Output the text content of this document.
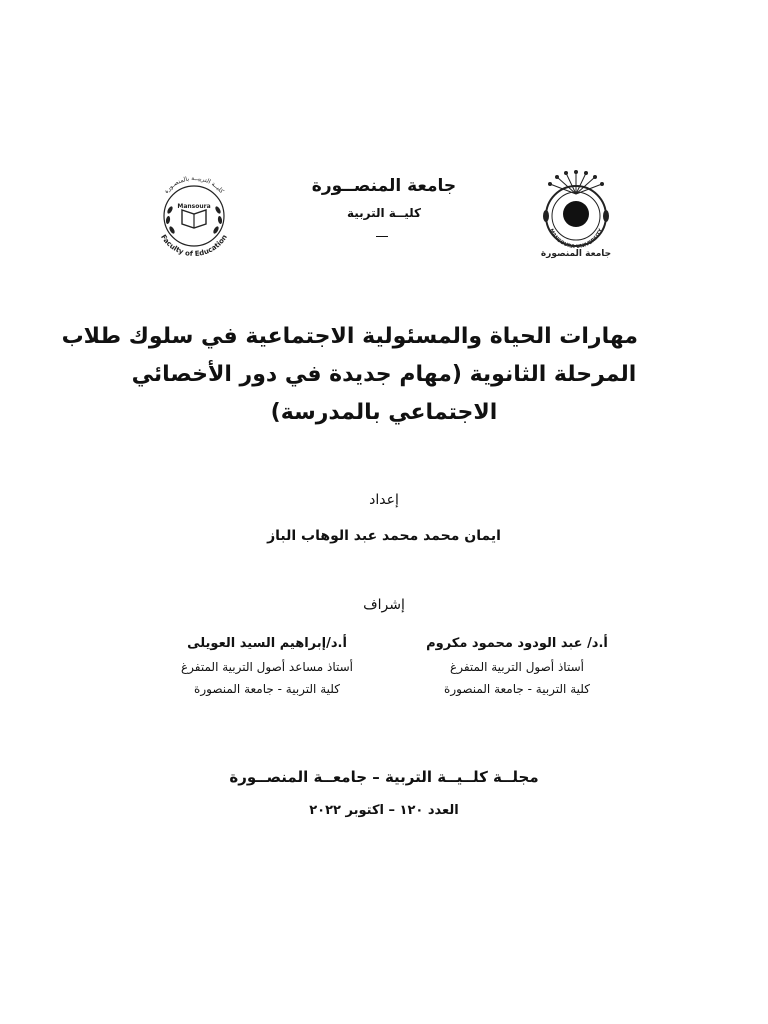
Mansoura
كليــة التربيــة بالمنصـورة
Faculty of Education
MANSOURA UNIVERSITY
جامعة المنصورة
جامعة المنصــورة
كليــة التربية
مهارات الحياة والمسئولية الاجتماعية في سلوك طلاب
المرحلة الثانوية (مهام جديدة في دور الأخصائي
الاجتماعي بالمدرسة)
إعداد
ايمان محمد محمد عبد الوهاب الباز
إشراف
أ.د/ عبد الودود محمود مكروم
أستاذ أصول التربية المتفرغ
كلية التربية - جامعة المنصورة
أ.د/إبراهيم السيد العويلى
أستاذ مساعد أصول التربية المتفرغ
كلية التربية - جامعة المنصورة
مجلــة كلــيــة التربية – جامعــة المنصــورة
العدد ١٢٠ – اكتوبر ٢٠٢٢
